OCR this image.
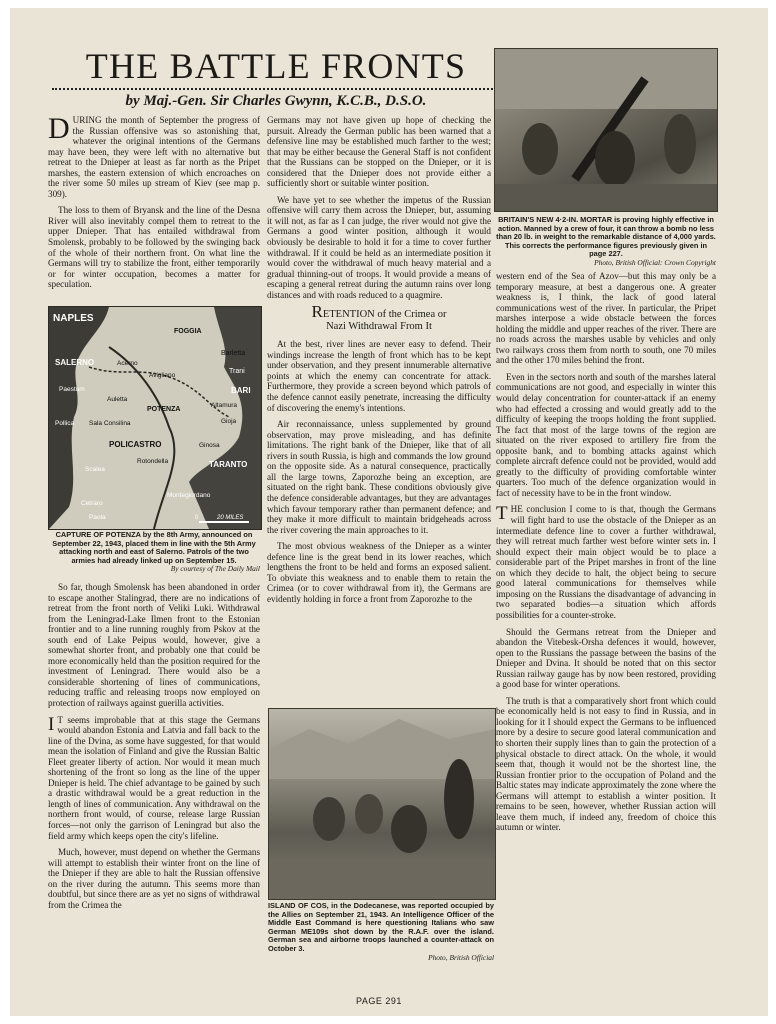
THE BATTLE FRONTS
by Maj.-Gen. Sir Charles Gwynn, K.C.B., D.S.O.

DURING the month of September the progress of the Russian offensive was so astonishing that, whatever the original intentions of the Germans may have been, they were left with no alternative but retreat to the Dnieper at least as far north as the Pripet marshes, the eastern extension of which encroaches on the river some 50 miles up stream of Kiev (see map p. 309).

The loss to them of Bryansk and the line of the Desna River will also inevitably compel them to retreat to the upper Dnieper. That has entailed withdrawal from Smolensk, probably to be followed by the swinging back of the whole of their northern front. On what line the Germans will try to stabilize the front, either temporarily or for winter occupation, becomes a matter for speculation.

NAPLES
FOGGIA
Barletta
SALERNO	Acerno
Avigliano
Trani
BARI
Paestum
Auletta
POTENZA
Altamura
Gioja
Sala Consilina
Pollica
Ginosa
POLICASTRO
Rotondella	TARANTO
Scalea
Montegiordano
Cetraro
Paola	0	20 MILES
CAPTURE OF POTENZA by the 8th Army, announced on September 22, 1943, placed them in line with the 5th Army attacking north and east of Salerno. Patrols of the two armies had already linked up on September 15.
By courtesy of The Daily Mail

So far, though Smolensk has been abandoned in order to escape another Stalingrad, there are no indications of retreat from the front north of Veliki Luki. Withdrawal from the Leningrad-Lake Ilmen front to the Estonian frontier and to a line running roughly from Pskov at the south end of Lake Peipus would, however, give a somewhat shorter front, and probably one that could be more economically held than the position required for the investment of Leningrad. There would also be a considerable shortening of lines of communications, reducing traffic and releasing troops now employed on protection of railways against guerilla activities.

I T seems improbable that at this stage the Germans would abandon Estonia and Latvia and fall back to the line of the Dvina, as some have suggested, for that would mean the isolation of Finland and give the Russian Baltic Fleet greater liberty of action. Nor would it mean much shortening of the front so long as the line of the upper Dnieper is held. The chief advantage to be gained by such a drastic withdrawal would be a great reduction in the length of lines of communication. Any withdrawal on the northern front would, of course, release large Russian forces—not only the garrison of Leningrad but also the field army which keeps open the city's lifeline.

Much, however, must depend on whether the Germans will attempt to establish their winter front on the line of the Dnieper if they are able to halt the Russian offensive on the river during the autumn. This seems more than doubtful, but since there are as yet no signs of withdrawal from the Crimea the

Germans may not have given up hope of checking the pursuit. Already the German public has been warned that a defensive line may be established much farther to the west; that may be either because the General Staff is not confident that the Russians can be stopped on the Dnieper, or it is considered that the Dnieper does not provide either a sufficiently short or suitable winter position.

We have yet to see whether the impetus of the Russian offensive will carry them across the Dnieper, but, assuming it will not, as far as I can judge, the river would not give the Germans a good winter position, although it would obviously be desirable to hold it for a time to cover further withdrawal. If it could be held as an intermediate position it would cover the withdrawal of much heavy material and a gradual thinning-out of troops. It would provide a means of escaping a general retreat during the autumn rains over long distances and with roads reduced to a quagmire.

RETENTION of the Crimea or
Nazi Withdrawal From It

At the best, river lines are never easy to defend. Their windings increase the length of front which has to be kept under observation, and they present innumerable alternative points at which the enemy can concentrate for attack. Furthermore, they provide a screen beyond which patrols of the defence cannot easily penetrate, increasing the difficulty of discovering the enemy's intentions.

Air reconnaissance, unless supplemented by ground observation, may prove misleading, and has definite limitations. The right bank of the Dnieper, like that of all rivers in south Russia, is high and commands the low ground on the opposite side. As a natural consequence, practically all the large towns, Zaporozhe being an exception, are situated on the right bank. These conditions obviously give the defence considerable advantages, but they are advantages which favour temporary rather than permanent defence; and they make it more difficult to maintain bridgeheads across the river covering the main approaches to it.

The most obvious weakness of the Dnieper as a winter defence line is the great bend in its lower reaches, which lengthens the front to be held and forms an exposed salient. To obviate this weakness and to enable them to retain the Crimea (or to cover withdrawal from it), the Germans are evidently holding in force a front from Zaporozhe to the

ISLAND OF COS, in the Dodecanese, was reported occupied by the Allies on September 21, 1943. An Intelligence Officer of the Middle East Command is here questioning Italians who saw German ME109s shot down by the R.A.F. over the island. German sea and airborne troops launched a counter-attack on October 3.
Photo, British Official
BRITAIN'S NEW 4·2-IN. MORTAR is proving highly effective in action. Manned by a crew of four, it can throw a bomb no less than 20 lb. in weight to the remarkable distance of 4,000 yards. This corrects the performance figures previously given in page 227.
Photo, British Official: Crown Copyright

western end of the Sea of Azov—but this may only be a temporary measure, at best a dangerous one. A greater weakness is, I think, the lack of good lateral communications west of the river. In particular, the Pripet marshes interpose a wide obstacle between the forces holding the middle and upper reaches of the river. There are no roads across the marshes usable by vehicles and only two railways cross them from north to south, one 70 miles and the other 170 miles behind the front.

Even in the sectors north and south of the marshes lateral communications are not good, and especially in winter this would delay concentration for counter-attack if an enemy who had effected a crossing and would greatly add to the difficulty of keeping the troops holding the front supplied. The fact that most of the large towns of the region are situated on the river exposed to artillery fire from the opposite bank, and to bombing attacks against which complete aircraft defence could not be provided, would add greatly to the difficulty of providing comfortable winter quarters. Too much of the defence organization would in fact of necessity have to be in the front window.

THE conclusion I come to is that, though the Germans will fight hard to use the obstacle of the Dnieper as an intermediate defence line to cover a further withdrawal, they will retreat much farther west before winter sets in. I should expect their main object would be to place a considerable part of the Pripet marshes in front of the line on which they decide to halt, the object being to secure good lateral communications for themselves while imposing on the Russians the disadvantage of advancing in two separated bodies—a situation which affords possibilities for a counter-stroke.

Should the Germans retreat from the Dnieper and abandon the Vitebesk-Orsha defences it would, however, open to the Russians the passage between the basins of the Dnieper and Dvina. It should be noted that on this sector Russian railway gauge has by now been restored, providing a good base for winter operations.

The truth is that a comparatively short front which could be economically held is not easy to find in Russia, and in looking for it I should expect the Germans to be influenced more by a desire to secure good lateral communication and to shorten their supply lines than to gain the protection of a physical obstacle to direct attack. On the whole, it would seem that, though it would not be the shortest line, the Russian frontier prior to the occupation of Poland and the Baltic states may indicate approximately the zone where the Germans will attempt to establish a winter position. It remains to be seen, however, whether Russian action will leave them much, if indeed any, freedom of choice this autumn or winter.

PAGE 291
